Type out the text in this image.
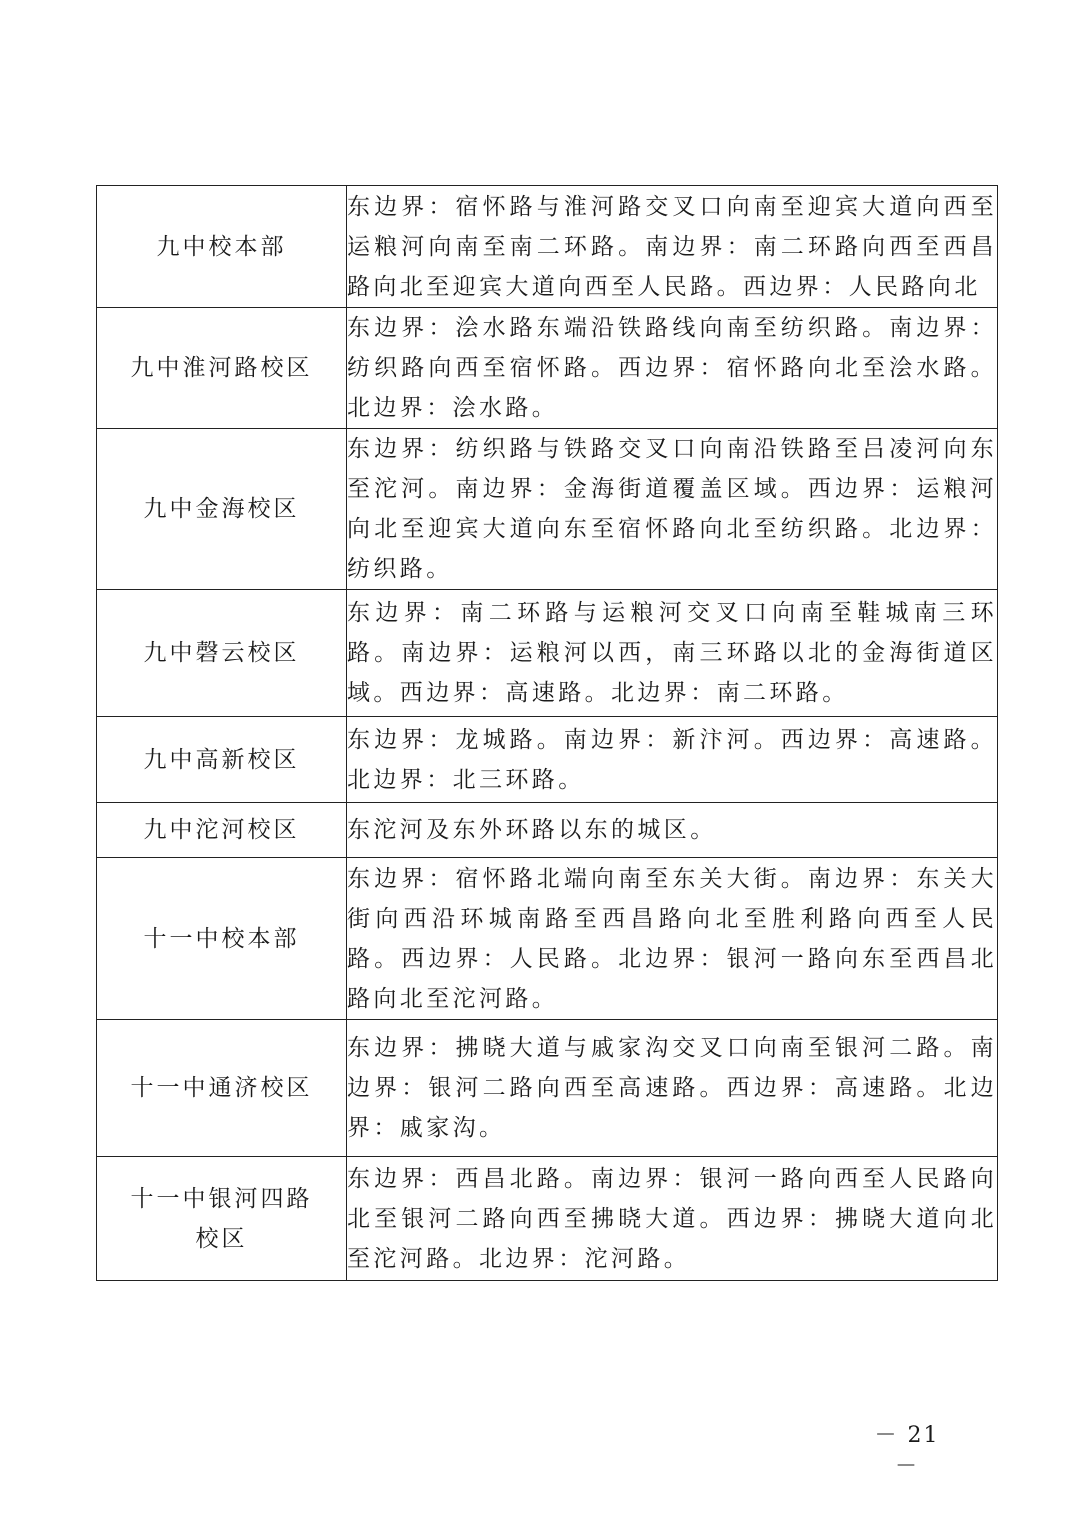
九中校本部	东边界：宿怀路与淮河路交叉口向南至迎宾大道向西至运粮河向南至南二环路。南边界：南二环路向西至西昌路向北至迎宾大道向西至人民路。西边界：人民路向北
九中淮河路校区	东边界：浍水路东端沿铁路线向南至纺织路。南边界：纺织路向西至宿怀路。西边界：宿怀路向北至浍水路。北边界：浍水路。
九中金海校区	东边界：纺织路与铁路交叉口向南沿铁路至吕凌河向东至沱河。南边界：金海街道覆盖区域。西边界：运粮河向北至迎宾大道向东至宿怀路向北至纺织路。北边界：纺织路。
九中磬云校区	东边界：南二环路与运粮河交叉口向南至鞋城南三环路。南边界：运粮河以西，南三环路以北的金海街道区域。西边界：高速路。北边界：南二环路。
九中高新校区	东边界：龙城路。南边界：新汴河。西边界：高速路。北边界：北三环路。
九中沱河校区	东沱河及东外环路以东的城区。
十一中校本部	东边界：宿怀路北端向南至东关大街。南边界：东关大街向西沿环城南路至西昌路向北至胜利路向西至人民路。西边界：人民路。北边界：银河一路向东至西昌北路向北至沱河路。
十一中通济校区	东边界：拂晓大道与戚家沟交叉口向南至银河二路。南边界：银河二路向西至高速路。西边界：高速路。北边界：戚家沟。
十一中银河四路校区	东边界：西昌北路。南边界：银河一路向西至人民路向北至银河二路向西至拂晓大道。西边界：拂晓大道向北至沱河路。北边界：沱河路。
－ 21 －
